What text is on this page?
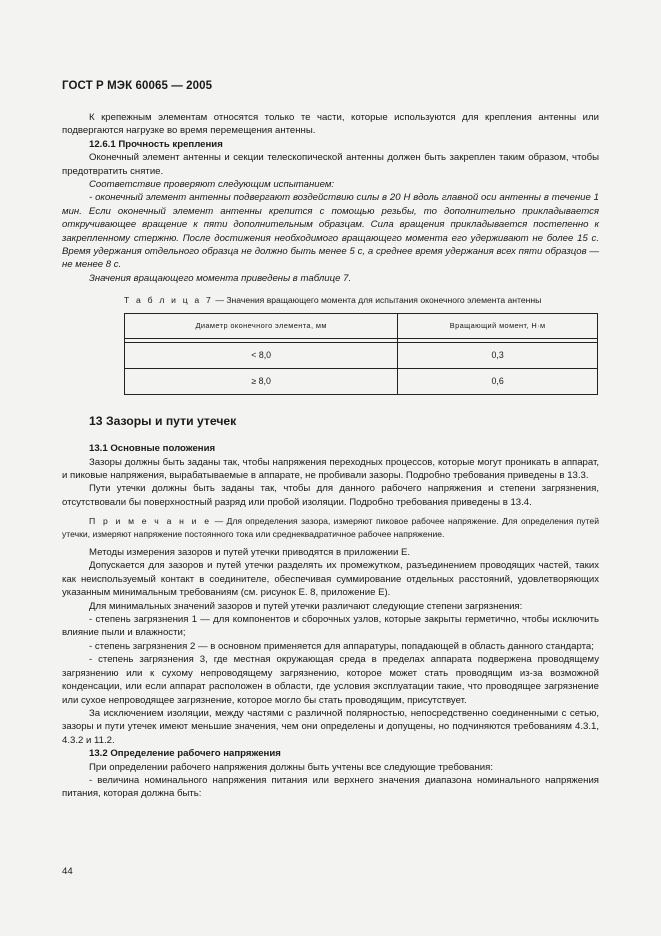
ГОСТ Р МЭК 60065 — 2005

К крепежным элементам относятся только те части, которые используются для крепления антенны или подвергаются нагрузке во время перемещения антенны.

12.6.1 Прочность крепления

Оконечный элемент антенны и секции телескопической антенны должен быть закреплен таким образом, чтобы предотвратить снятие.

Соответствие проверяют следующим испытанием:

- оконечный элемент антенны подвергают воздействию силы в 20 Н вдоль главной оси антенны в течение 1 мин. Если оконечный элемент антенны крепится с помощью резьбы, то дополнительно прикладывается откручивающее вращение к пяти дополнительным образцам. Сила вращения прикладывается постепенно к закрепленному стержню. После достижения необходимого вращающего момента его удерживают не более 15 с. Время удержания отдельного образца не должно быть менее 5 с, а среднее время удержания всех пяти образцов — не менее 8 с.

Значения вращающего момента приведены в таблице 7.

Т а б л и ц а 7 — Значения вращающего момента для испытания оконечного элемента антенны
Диаметр оконечного элемента, мм	Вращающий момент, Н·м

< 8,0	0,3
≥ 8,0	0,6
13 Зазоры и пути утечек

13.1 Основные положения

Зазоры должны быть заданы так, чтобы напряжения переходных процессов, которые могут проникать в аппарат, и пиковые напряжения, вырабатываемые в аппарате, не пробивали зазоры. Подробно требования приведены в 13.3.

Пути утечки должны быть заданы так, чтобы для данного рабочего напряжения и степени загрязнения, отсутствовали бы поверхностный разряд или пробой изоляции. Подробно требования приведены в 13.4.

П р и м е ч а н и е — Для определения зазора, измеряют пиковое рабочее напряжение. Для определения путей утечки, измеряют напряжение постоянного тока или среднеквадратичное рабочее напряжение.

Методы измерения зазоров и путей утечки приводятся в приложении Е.

Допускается для зазоров и путей утечки разделять их промежутком, разъединением проводящих частей, таких как неиспользуемый контакт в соединителе, обеспечивая суммирование отдельных расстояний, удовлетворяющих указанным минимальным требованиям (см. рисунок Е. 8, приложение Е).

Для минимальных значений зазоров и путей утечки различают следующие степени загрязнения:

- степень загрязнения 1 — для компонентов и сборочных узлов, которые закрыты герметично, чтобы исключить влияние пыли и влажности;

- степень загрязнения 2 — в основном применяется для аппаратуры, попадающей в область данного стандарта;

- степень загрязнения 3, где местная окружающая среда в пределах аппарата подвержена проводящему загрязнению или к сухому непроводящему загрязнению, которое может стать проводящим из-за возможной конденсации, или если аппарат расположен в области, где условия эксплуатации такие, что проводящее загрязнение или сухое непроводящее загрязнение, которое могло бы стать проводящим, присутствует.

За исключением изоляции, между частями с различной полярностью, непосредственно соединенными с сетью, зазоры и пути утечек имеют меньшие значения, чем они определены и допущены, но подчиняются требованиям 4.3.1, 4.3.2 и 11.2.

13.2 Определение рабочего напряжения

При определении рабочего напряжения должны быть учтены все следующие требования:

- величина номинального напряжения питания или верхнего значения диапазона номинального напряжения питания, которая должна быть:

44
